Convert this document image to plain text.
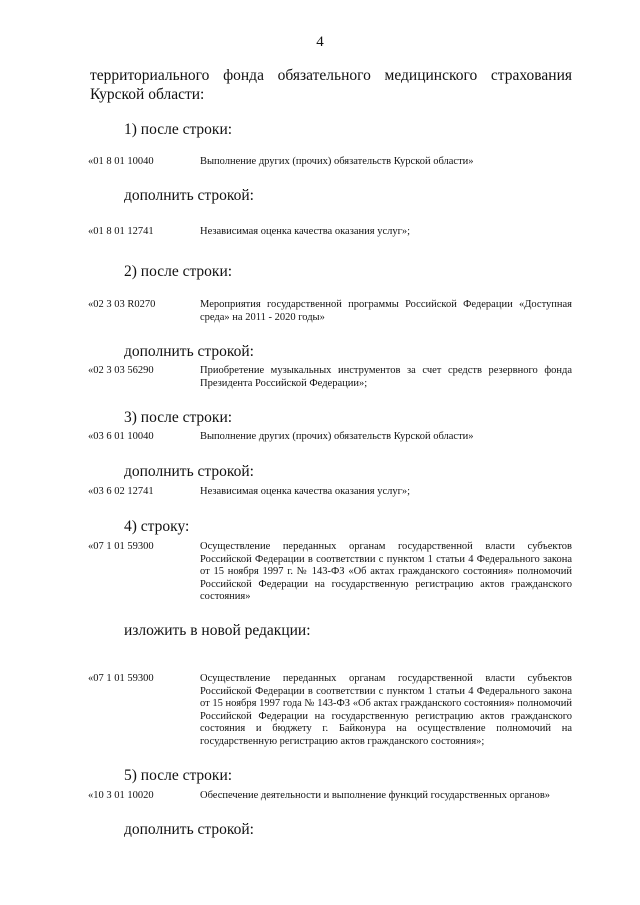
4
территориального фонда обязательного медицинского страхования
Курской области:
1) после строки:
«01 8 01 10040	Выполнение других (прочих) обязательств Курской области»
дополнить строкой:
«01 8 01 12741	Независимая оценка качества оказания услуг»;
2) после строки:
«02 3 03 R0270	Мероприятия государственной программы Российской Федерации «Доступная среда» на 2011 - 2020 годы»
дополнить строкой:
«02 3 03 56290	Приобретение музыкальных инструментов за счет средств резервного фонда Президента Российской Федерации»;
3) после строки:
«03 6 01 10040	Выполнение других (прочих) обязательств Курской области»
дополнить строкой:
«03 6 02 12741	Независимая оценка качества оказания услуг»;
4) строку:
«07 1 01 59300	Осуществление переданных органам государственной власти субъектов Российской Федерации в соответствии с пунктом 1 статьи 4 Федерального закона от 15 ноября 1997 г. № 143-ФЗ «Об актах гражданского состояния» полномочий Российской Федерации на государственную регистрацию актов гражданского состояния»
изложить в новой редакции:
«07 1 01 59300	Осуществление переданных органам государственной власти субъектов Российской Федерации в соответствии с пунктом 1 статьи 4 Федерального закона от 15 ноября 1997 года № 143-ФЗ «Об актах гражданского состояния» полномочий Российской Федерации на государственную регистрацию актов гражданского состояния и бюджету г. Байконура на осуществление полномочий на государственную регистрацию актов гражданского состояния»;
5) после строки:
«10 3 01 10020	Обеспечение деятельности и выполнение функций государственных органов»
дополнить строкой:
